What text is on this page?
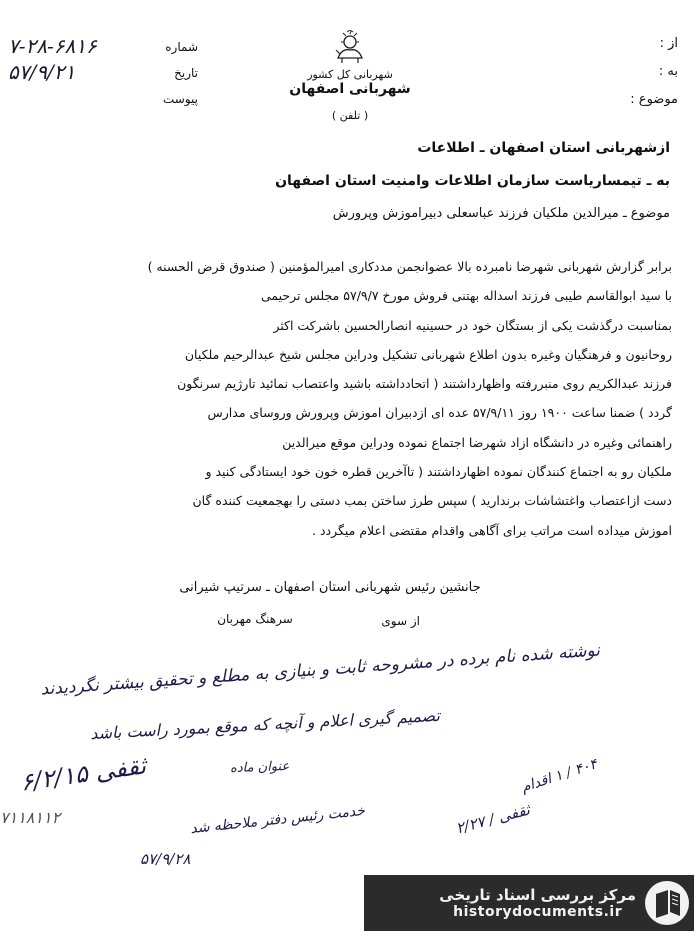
از :
به :
موضوع :
شهربانی کل کشور
شهربانی اصفهان
( تلفن )
شماره
۷-۲۸-۶۸۱۶
تاریخ
۵۷/۹/۲۱
پیوست
ازشهربانی استان اصفهان ـ اطلاعات
به ـ تیمساریاست سازمان اطلاعات وامنیت استان اصفهان
موضوع ـ میرالدین ملکیان فرزند عباسعلی دبیراموزش وپرورش

برابر گزارش شهربانی شهرضا نامبرده بالا عضوانجمن مددکاری امیرالمؤمنین ( صندوق قرض الحسنه )

با سید ابوالقاسم طیبی فرزند اسداله بهتنی فروش مورخ ۵۷/۹/۷ مجلس ترحیمی

بمناسبت درگذشت یکی از بستگان خود در حسینیه انصارالحسین باشرکت اکثر

روحانیون و فرهنگیان وغیره بدون اطلاع شهربانی تشکیل ودراین مجلس شیخ عبدالرحیم ملکیان

فرزند عبدالکریم روی منبررفته واظهارداشتند ( اتحادداشته باشید واعتصاب نمائید تارژیم سرنگون

گردد ) ضمنا ساعت ۱۹۰۰ روز ۵۷/۹/۱۱ عده ای ازدبیران اموزش وپرورش وروسای مدارس

راهنمائی وغیره در دانشگاه ازاد شهرضا اجتماع نموده ودراین موقع میرالدین

ملکیان رو به اجتماع کنندگان نموده اظهارداشتند ( تاآخرین قطره خون خود ایستادگی کنید و

دست ازاعتصاب واغتشاشات برندارید ) سپس طرز ساختن بمب دستی را بهجمعیت کننده گان

اموزش میداده است مراتب برای آگاهی واقدام مقتضی اعلام میگردد .

جانشین رئیس شهربانی استان اصفهان ـ سرتیپ شیرانی
از سوی
سرهنگ مهربان
نوشته شده نام برده در مشروحه ثابت و بنیازی به مطلع و تحقیق بیشتر نگردیدند
تصمیم گیری اعلام و آنچه که موقع بمورد راست باشد
۶/۲/۱۵ ثقفی	عنوان ماده
۴۰۴ / ۱ اقدام
۲/۲۷ / ثقفی
خدمت رئیس دفتر ملاحظه شد
۷۱۱۸۱۱۲
۵۷/۹/۲۸
مرکز بررسی اسناد تاریخی
historydocuments.ir
